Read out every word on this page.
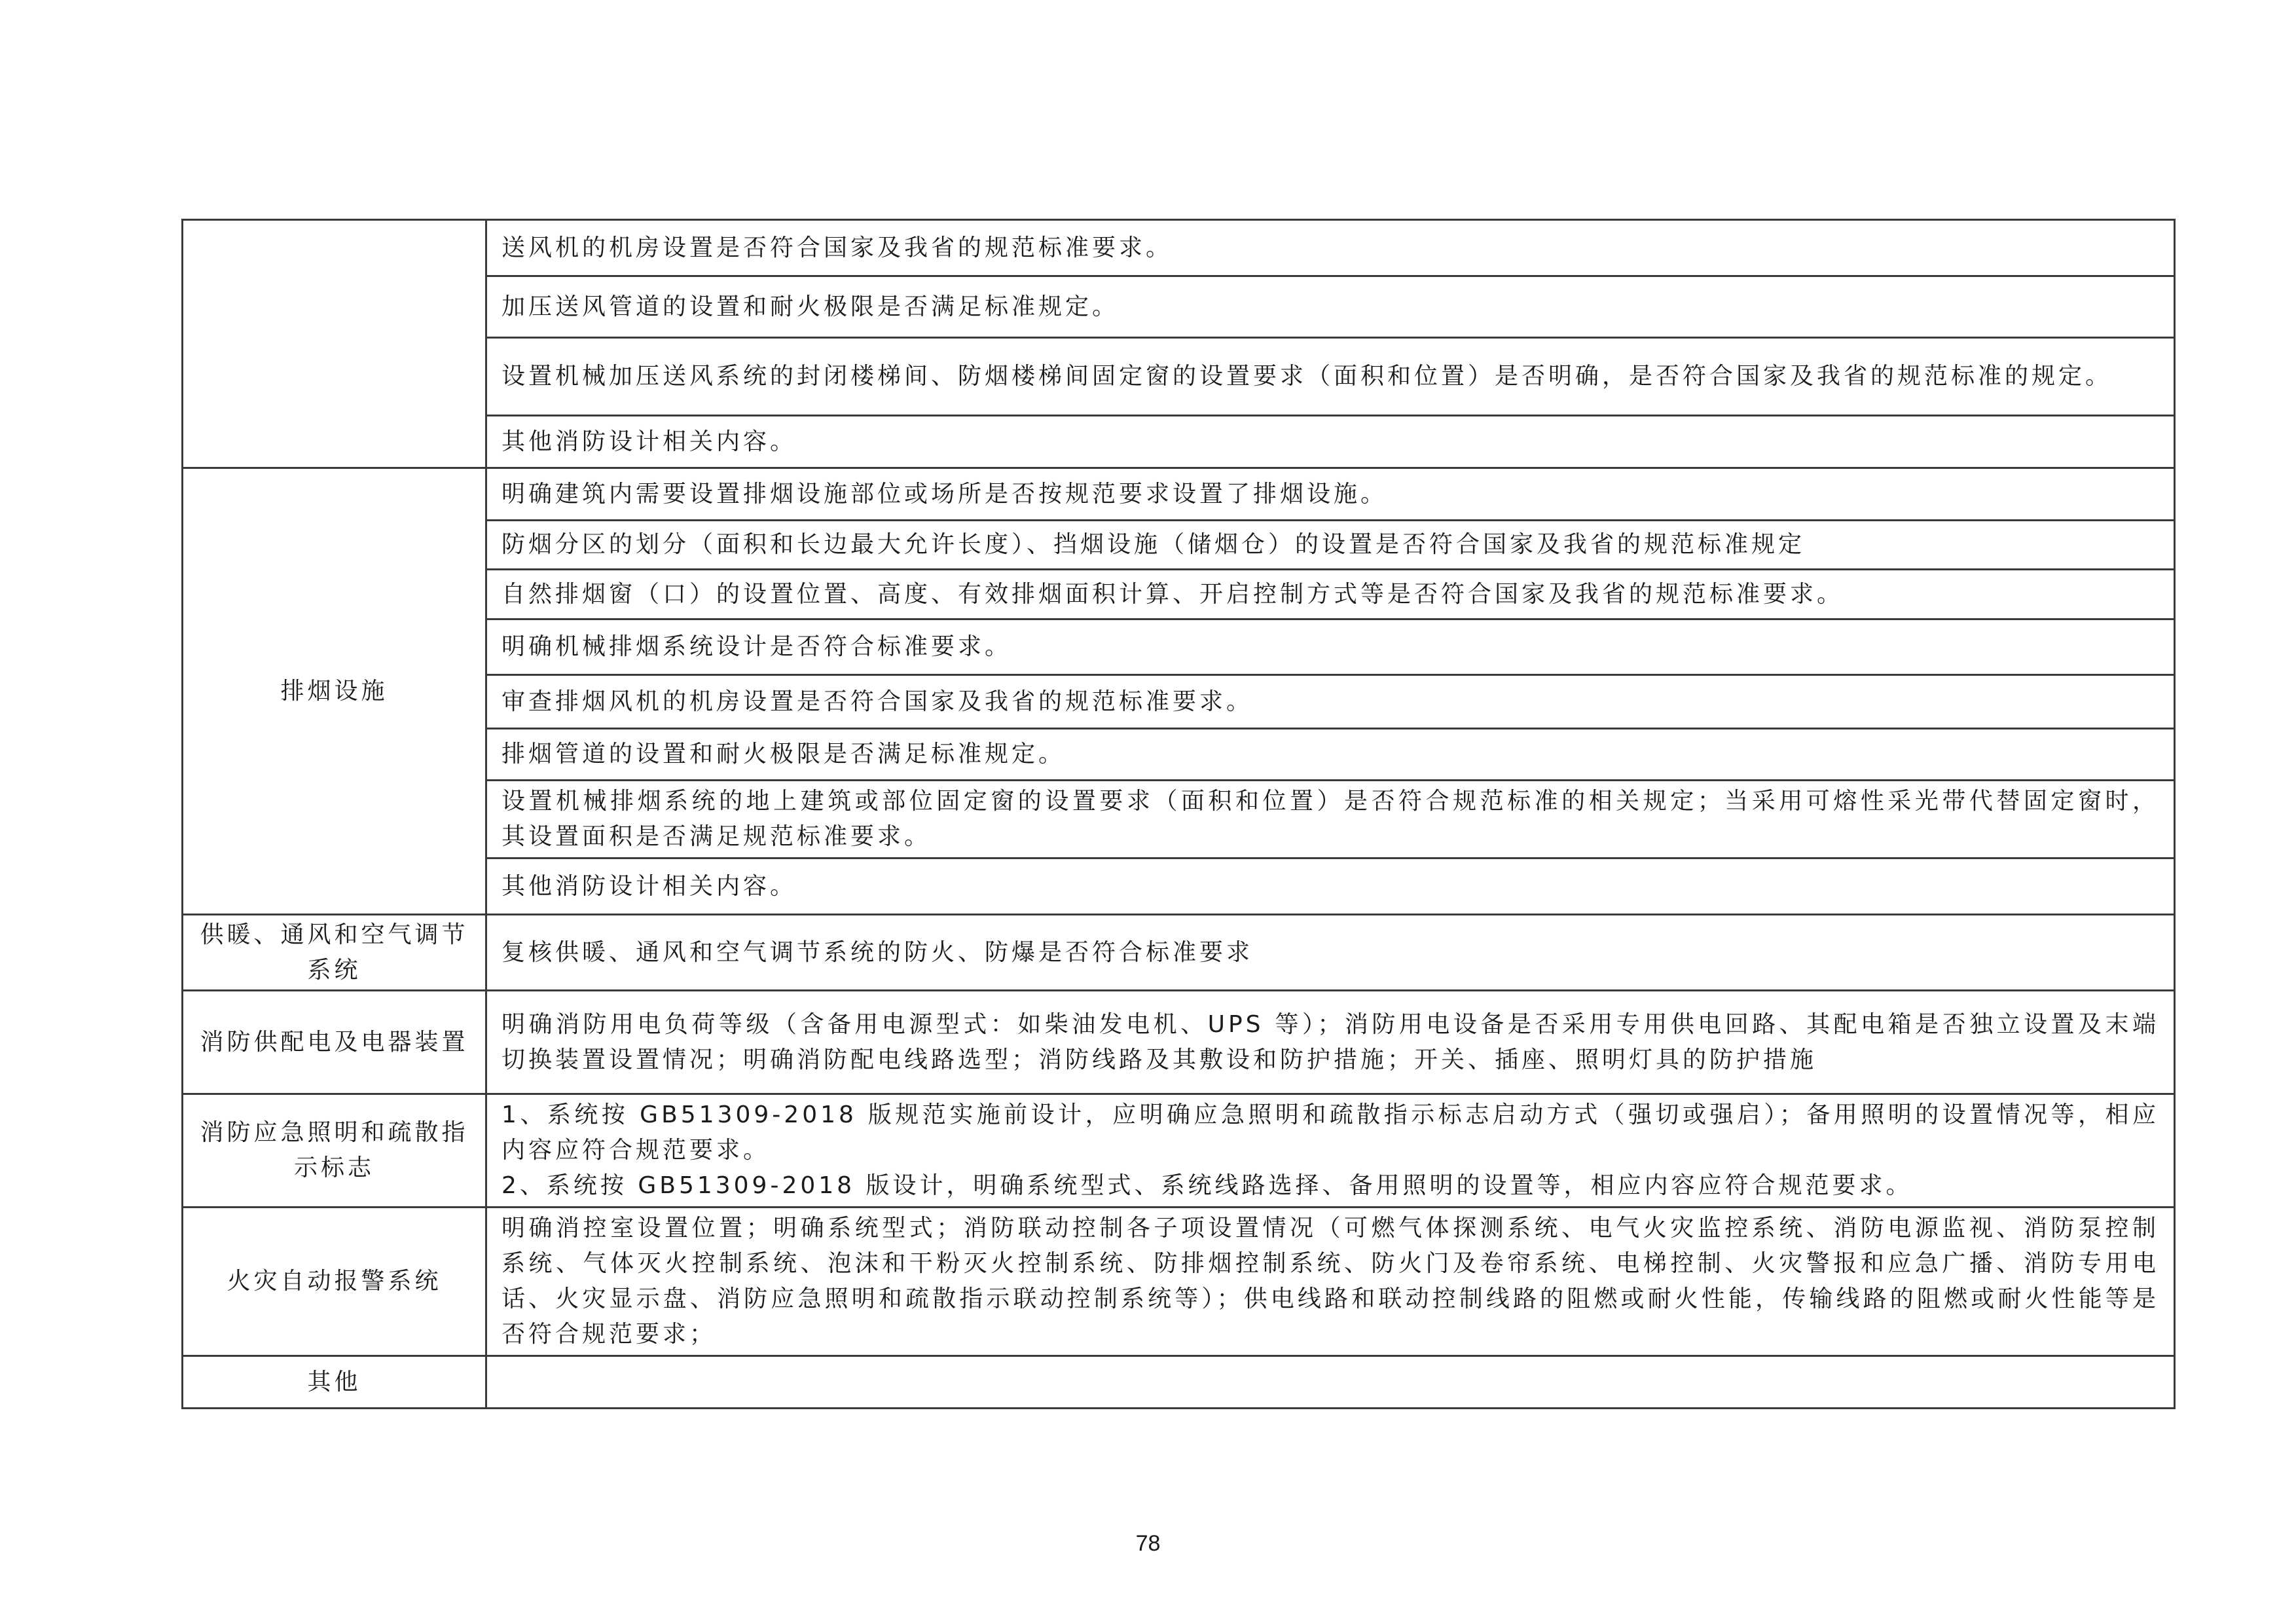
	送风机的机房设置是否符合国家及我省的规范标准要求。
	加压送风管道的设置和耐火极限是否满足标准规定。
	设置机械加压送风系统的封闭楼梯间、防烟楼梯间固定窗的设置要求（面积和位置）是否明确，是否符合国家及我省的规范标准的规定。
	其他消防设计相关内容。
排烟设施	明确建筑内需要设置排烟设施部位或场所是否按规范要求设置了排烟设施。
	防烟分区的划分（面积和长边最大允许长度）、挡烟设施（储烟仓）的设置是否符合国家及我省的规范标准规定
	自然排烟窗（口）的设置位置、高度、有效排烟面积计算、开启控制方式等是否符合国家及我省的规范标准要求。
	明确机械排烟系统设计是否符合标准要求。
	审查排烟风机的机房设置是否符合国家及我省的规范标准要求。
	排烟管道的设置和耐火极限是否满足标准规定。
	设置机械排烟系统的地上建筑或部位固定窗的设置要求（面积和位置）是否符合规范标准的相关规定；当采用可熔性采光带代替固定窗时，其设置面积是否满足规范标准要求。
	其他消防设计相关内容。
供暖、通风和空气调节系统	复核供暖、通风和空气调节系统的防火、防爆是否符合标准要求
消防供配电及电器装置	明确消防用电负荷等级（含备用电源型式：如柴油发电机、UPS 等）；消防用电设备是否采用专用供电回路、其配电箱是否独立设置及末端切换装置设置情况；明确消防配电线路选型；消防线路及其敷设和防护措施；开关、插座、照明灯具的防护措施
消防应急照明和疏散指示标志	1、系统按 GB51309-2018 版规范实施前设计，应明确应急照明和疏散指示标志启动方式（强切或强启）；备用照明的设置情况等，相应内容应符合规范要求。
2、系统按 GB51309-2018 版设计，明确系统型式、系统线路选择、备用照明的设置等，相应内容应符合规范要求。

火灾自动报警系统	明确消控室设置位置；明确系统型式；消防联动控制各子项设置情况（可燃气体探测系统、电气火灾监控系统、消防电源监视、消防泵控制系统、气体灭火控制系统、泡沫和干粉灭火控制系统、防排烟控制系统、防火门及卷帘系统、电梯控制、火灾警报和应急广播、消防专用电话、火灾显示盘、消防应急照明和疏散指示联动控制系统等）；供电线路和联动控制线路的阻燃或耐火性能，传输线路的阻燃或耐火性能等是否符合规范要求；
其他	
78
